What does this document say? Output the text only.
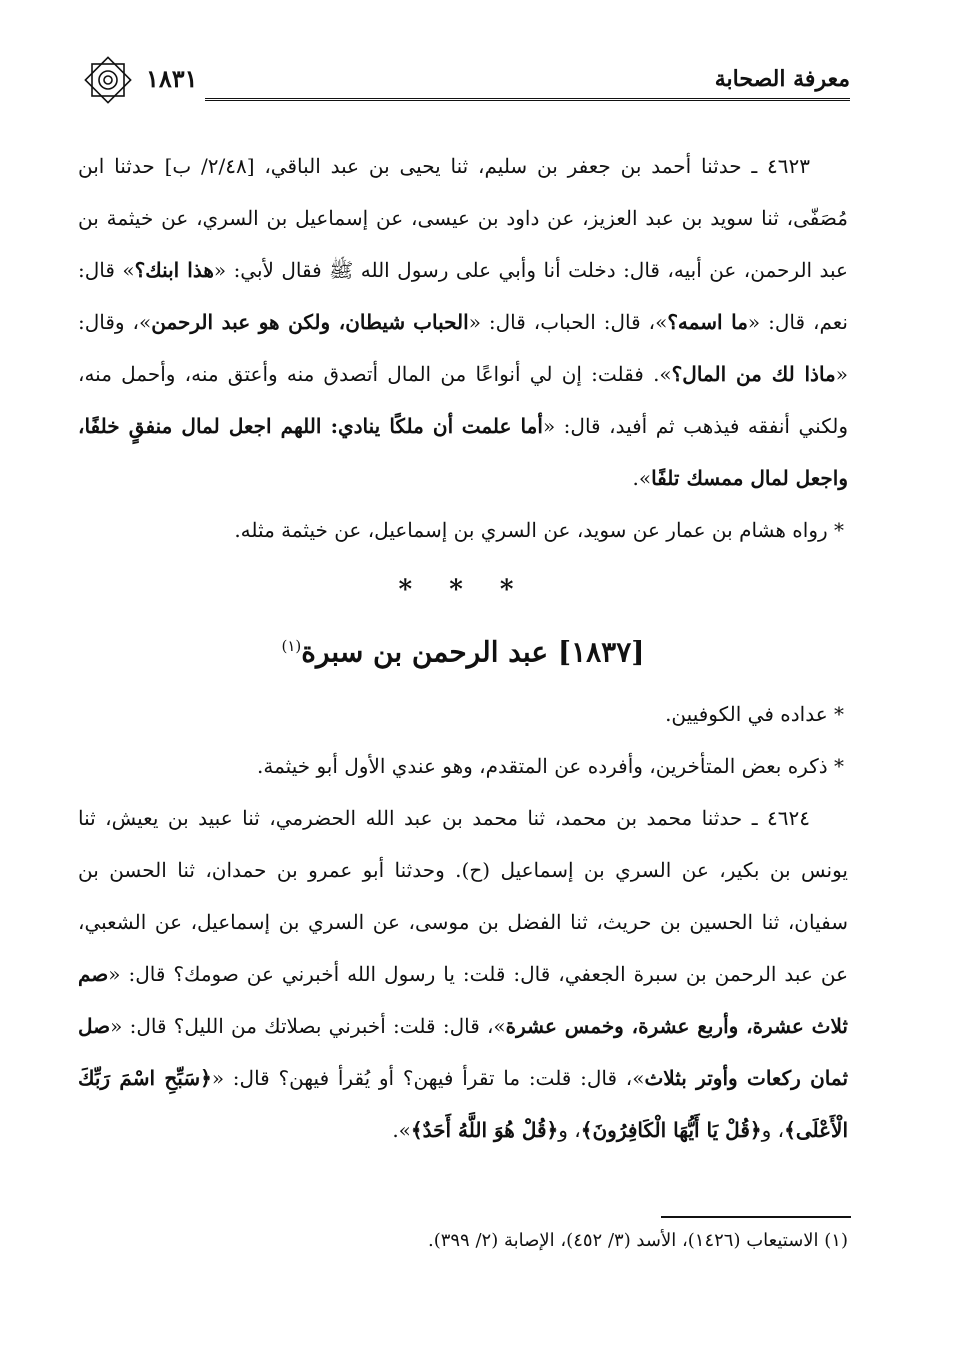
١٨٣١	معرفة الصحابة

٤٦٢٣ ـ حدثنا أحمد بن جعفر بن سليم، ثنا يحيى بن عبد الباقي، [٢/٤٨/ ب] حدثنا ابن مُصَفّى، ثنا سويد بن عبد العزيز، عن داود بن عيسى، عن إسماعيل بن السري، عن خيثمة بن عبد الرحمن، عن أبيه، قال: دخلت أنا وأبي على رسول الله ﷺ فقال لأبي: «هذا ابنك؟» قال: نعم، قال: «ما اسمه؟»، قال: الحباب، قال: «الحباب شيطان، ولكن هو عبد الرحمن»، وقال: «ماذا لك من المال؟». فقلت: إن لي أنواعًا من المال أتصدق منه وأعتق منه، وأحمل منه، ولكني أنفقه فيذهب ثم أفيد، قال: «أما علمت أن ملكًا ينادي: اللهم اجعل لمال منفقٍ خلفًا، واجعل لمال ممسك تلفًا».

* رواه هشام بن عمار عن سويد، عن السري بن إسماعيل، عن خيثمة مثله.

* * *
[١٨٣٧] عبد الرحمن بن سبرة$^{(١)}$

* عداده في الكوفيين.

* ذكره بعض المتأخرين، وأفرده عن المتقدم، وهو عندي الأول أبو خيثمة.

٤٦٢٤ ـ حدثنا محمد بن محمد، ثنا محمد بن عبد الله الحضرمي، ثنا عبيد بن يعيش، ثنا يونس بن بكير، عن السري بن إسماعيل (ح). وحدثنا أبو عمرو بن حمدان، ثنا الحسن بن سفيان، ثنا الحسين بن حريث، ثنا الفضل بن موسى، عن السري بن إسماعيل، عن الشعبي، عن عبد الرحمن بن سبرة الجعفي، قال: قلت: يا رسول الله أخبرني عن صومك؟ قال: «صم ثلاث عشرة، وأربع عشرة، وخمس عشرة»، قال: قلت: أخبرني بصلاتك من الليل؟ قال: «صل ثمان ركعات وأوتر بثلاث»، قال: قلت: ما تقرأ فيهن؟ أو يُقرأ فيهن؟ قال: «﴿سَبِّحِ اسْمَ رَبِّكَ الْأَعْلَى﴾، و﴿قُلْ يَا أَيُّهَا الْكَافِرُونَ﴾، و﴿قُلْ هُوَ اللَّهُ أَحَدٌ﴾».

(١) الاستيعاب (١٤٢٦)، الأسد (٣/ ٤٥٢)، الإصابة (٢/ ٣٩٩).
